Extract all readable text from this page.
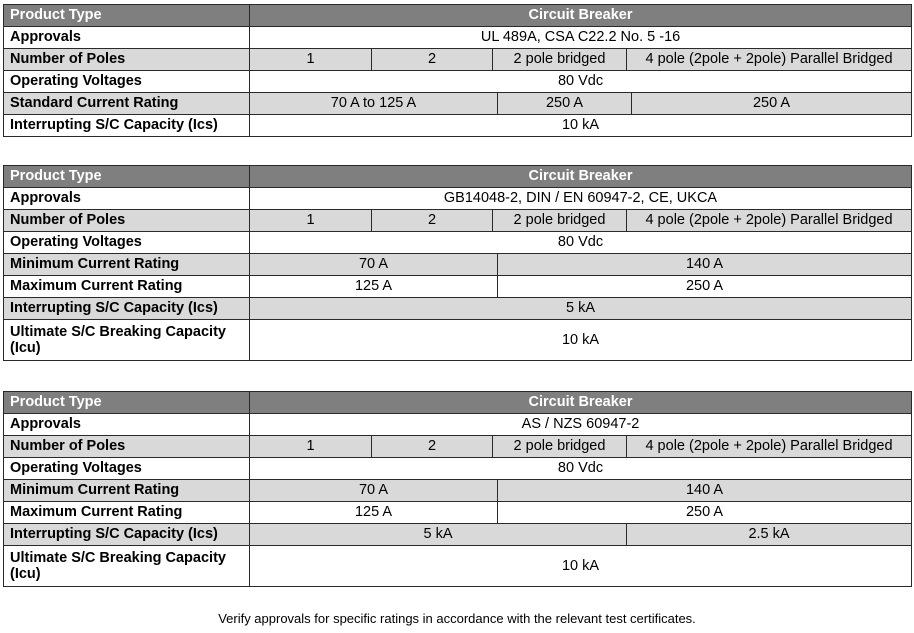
Product Type	Circuit Breaker					
Approvals	UL 489A, CSA C22.2 No. 5 -16					
Number of Poles	1	2	2 pole bridged		4 pole (2pole + 2pole) Parallel Bridged	
Operating Voltages	80 Vdc					
Standard Current Rating	70 A to 125 A			250 A		250 A
Interrupting S/C Capacity (Ics)	10 kA					
Product Type	Circuit Breaker				
Approvals	GB14048-2, DIN / EN 60947-2, CE, UKCA				
Number of Poles	1	2	2 pole bridged		4 pole (2pole + 2pole) Parallel Bridged
Operating Voltages	80 Vdc				
Minimum Current Rating	70 A			140 A	
Maximum Current Rating	125 A			250 A	
Interrupting S/C Capacity (Ics)	5 kA				
Ultimate S/C Breaking Capacity (Icu)	10 kA				
Product Type	Circuit Breaker				
Approvals	AS / NZS 60947-2				
Number of Poles	1	2	2 pole bridged		4 pole (2pole + 2pole) Parallel Bridged
Operating Voltages	80 Vdc				
Minimum Current Rating	70 A			140 A	
Maximum Current Rating	125 A			250 A	
Interrupting S/C Capacity (Ics)	5 kA				2.5 kA
Ultimate S/C Breaking Capacity (Icu)	10 kA				
Verify approvals for specific ratings in accordance with the relevant test certificates.
